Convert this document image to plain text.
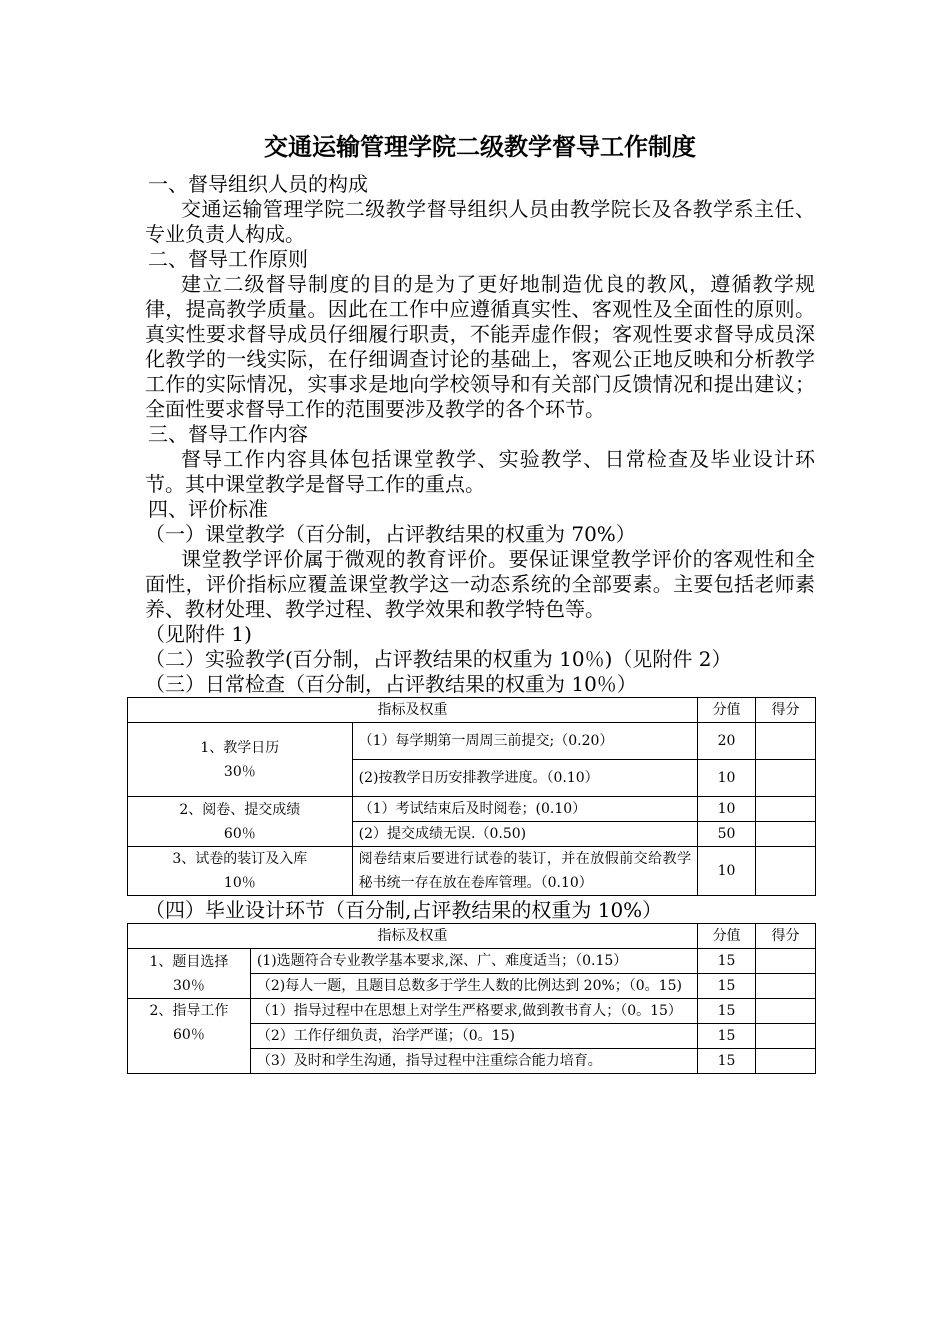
交通运输管理学院二级教学督导工作制度

一、督导组织人员的构成

交通运输管理学院二级教学督导组织人员由教学院长及各教学系主任、专业负责人构成。

二、督导工作原则

建立二级督导制度的目的是为了更好地制造优良的教风，遵循教学规律，提高教学质量。因此在工作中应遵循真实性、客观性及全面性的原则。真实性要求督导成员仔细履行职责，不能弄虚作假；客观性要求督导成员深化教学的一线实际，在仔细调查讨论的基础上，客观公正地反映和分析教学工作的实际情况，实事求是地向学校领导和有关部门反馈情况和提出建议；全面性要求督导工作的范围要涉及教学的各个环节。

三、督导工作内容

督导工作内容具体包括课堂教学、实验教学、日常检查及毕业设计环节。其中课堂教学是督导工作的重点。

四、评价标准

（一）课堂教学（百分制，占评教结果的权重为 70%）

课堂教学评价属于微观的教育评价。要保证课堂教学评价的客观性和全面性，评价指标应覆盖课堂教学这一动态系统的全部要素。主要包括老师素养、教材处理、教学过程、教学效果和教学特色等。

（见附件 1)

（二）实验教学(百分制，占评教结果的权重为 10％)（见附件 2）

（三）日常检查（百分制，占评教结果的权重为 10％）

指标及权重		分值	得分

1、教学日历
30％	（1）每学期第一周周三前提交;（0.20）	20	
	(2)按教学日历安排教学进度。（0.10）	10	

2、阅卷、提交成绩
60％	（1）考试结束后及时阅卷；(0.10）	10	
	(2）提交成绩无误.（0.50)	50	

3、试卷的装订及入库
10％	阅卷结束后要进行试卷的装订，并在放假前交给教学秘书统一存在放在卷库管理。（0.10）	10	

（四）毕业设计环节（百分制,占评教结果的权重为 10%）

指标及权重		分值	得分

1、题目选择
30％	(1)选题符合专业教学基本要求,深、广、难度适当；（0.15）	15	
	（2)每人一题，且题目总数多于学生人数的比例达到 20%；（0。15)	15	

2、指导工作
60％	（1）指导过程中在思想上对学生严格要求,做到教书育人；（0。15）	15	
	（2）工作仔细负责，治学严谨；（0。15)	15	
	（3）及时和学生沟通，指导过程中注重综合能力培育。	15	
